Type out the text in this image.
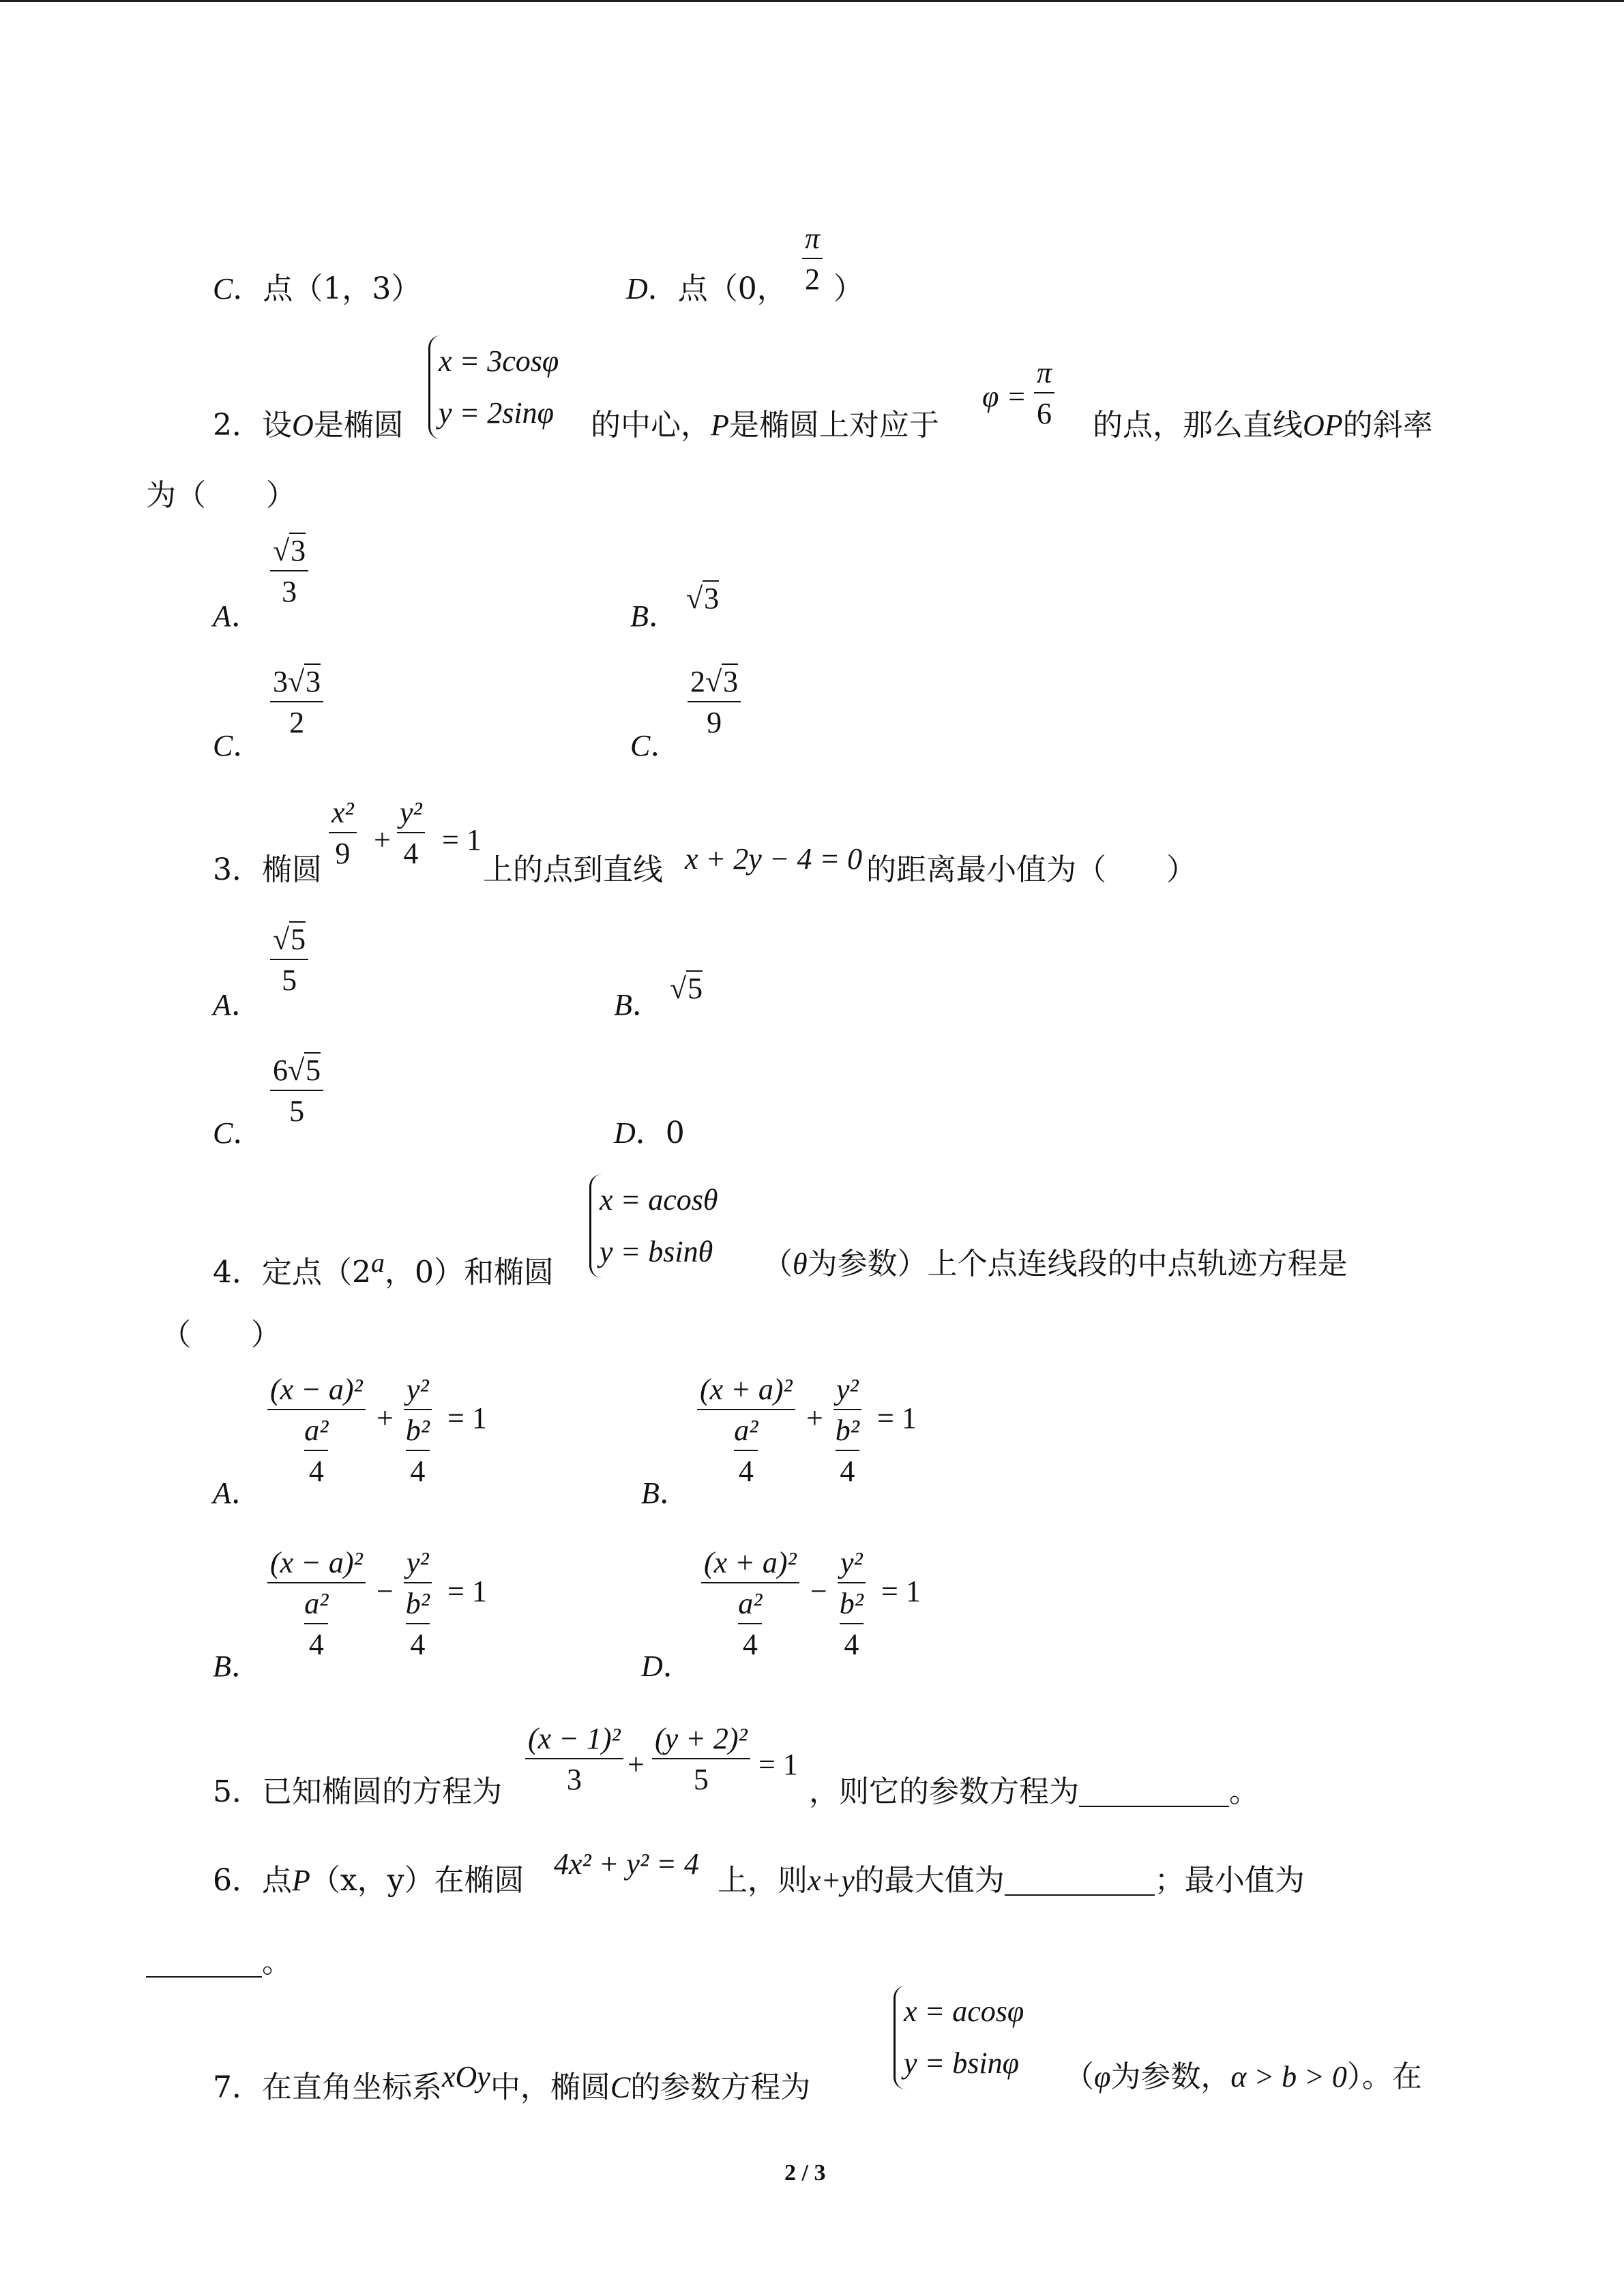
C．点（1，3）	D．点（0， $\frac{\pi}{2}$ ）
2．设O是椭圆
x = 3cosφ
y = 2sinφ 的中心，P是椭圆上对应于
$\varphi = \frac{\pi}{6}$ 的点，那么直线OP的斜率
为（　　）
A．
$\frac{√3}{3}$
B．
√3
C．
$\frac{3√3}{2}$
C．
$\frac{2√3}{9}$
3．椭圆
$\frac{\text{x²}}{9} + \frac{\text{y²}}{4} = 1$
上的点到直线 x + 2y − 4 = 0 的距离最小值为（　　）
A．
$\frac{√5}{5}$
B． √5
C．
$\frac{6√5}{5}$
D．0
4．定点（2a，0）和椭圆
x = acosθ
y = bsinθ （θ为参数）上个点连线段的中点轨迹方程是
（　　）
A．
(x − a)²
a²
4 + y²
b²
4 = 1
B．
(x + a)²
a²
4 + y²
b²
4 = 1
B．
(x − a)²
a²
4 − y²
b²
4 = 1
D．
(x + a)²
a²
4 − y²
b²
4 = 1
5．已知椭圆的方程为 $\frac{\text{(x − 1)²}}{3} + \frac{\text{(y + 2)²}}{5} = 1$
，则它的参数方程为	。
6．点P（x，y）在椭圆 4x² + y² = 4 上，则x+y的最大值为	；最小值为
。
7．在直角坐标系xOy中，椭圆C的参数方程为
x = acosφ
y = bsinφ （φ为参数，α > b > 0）。在
2 / 3
